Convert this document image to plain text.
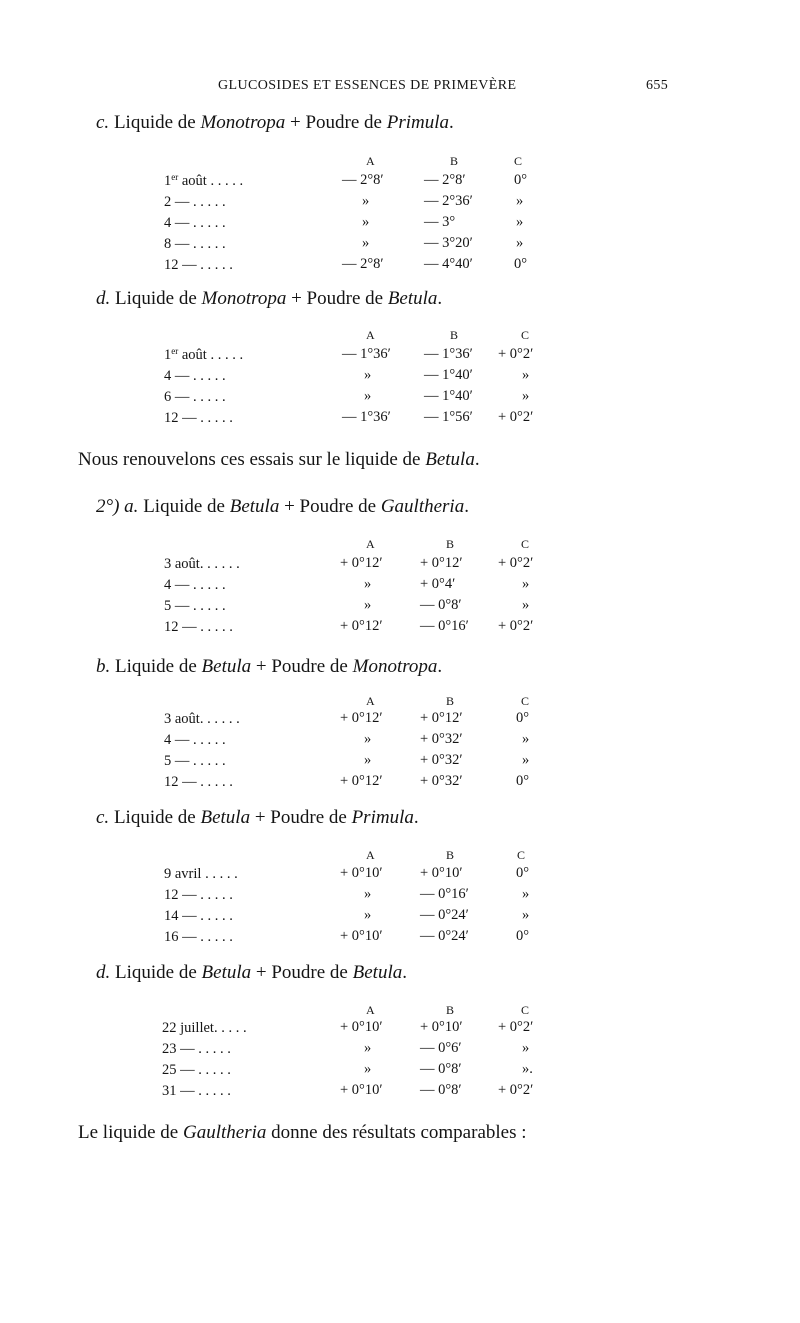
GLUCOSIDES ET ESSENCES DE PRIMEVÈRE	655
c. Liquide de Monotropa + Poudre de Primula.
A	B	C
1er août . . . . .	— 2°8′	— 2°8′	0°
2 — . . . . .	»	— 2°36′	»
4 — . . . . .	»	— 3°	»
8 — . . . . .	»	— 3°20′	»
12 — . . . . .	— 2°8′	— 4°40′	0°
d. Liquide de Monotropa + Poudre de Betula.
A	B	C
1er août . . . . .	— 1°36′ — 1°36′ + 0°2′
4 — . . . . .	»	— 1°40′	»
6 — . . . . .	»	— 1°40′	»
12 — . . . . .	— 1°36′ — 1°56′ + 0°2′
Nous renouvelons ces essais sur le liquide de Betula.
2°) a. Liquide de Betula + Poudre de Gaultheria.
A	B	C
3 août. . . . . .	+ 0°12′	+ 0°12′ + 0°2′
4 — . . . . .	»	+ 0°4′	»
5 — . . . . .	»	— 0°8′	»
12 — . . . . .	+ 0°12′	— 0°16′ + 0°2′
b. Liquide de Betula + Poudre de Monotropa.
A	B	C
3 août. . . . . .	+ 0°12′	+ 0°12′	0°
4 — . . . . .	»	+ 0°32′	»
5 — . . . . .	»	+ 0°32′	»
12 — . . . . .	+ 0°12′	+ 0°32′	0°
c. Liquide de Betula + Poudre de Primula.
A	B	C
9 avril . . . . .	+ 0°10′	+ 0°10′	0°
12 — . . . . .	»	— 0°16′	»
14 — . . . . .	»	— 0°24′	»
16 — . . . . .	+ 0°10′	— 0°24′	0°
d. Liquide de Betula + Poudre de Betula.
A	B	C
22 juillet. . . . .	+ 0°10′	+ 0°10′ + 0°2′
23 — . . . . .	»	— 0°6′	»
25 — . . . . .	»	— 0°8′	».
31 — . . . . .	+ 0°10′	— 0°8′	+ 0°2′
Le liquide de Gaultheria donne des résultats comparables :
